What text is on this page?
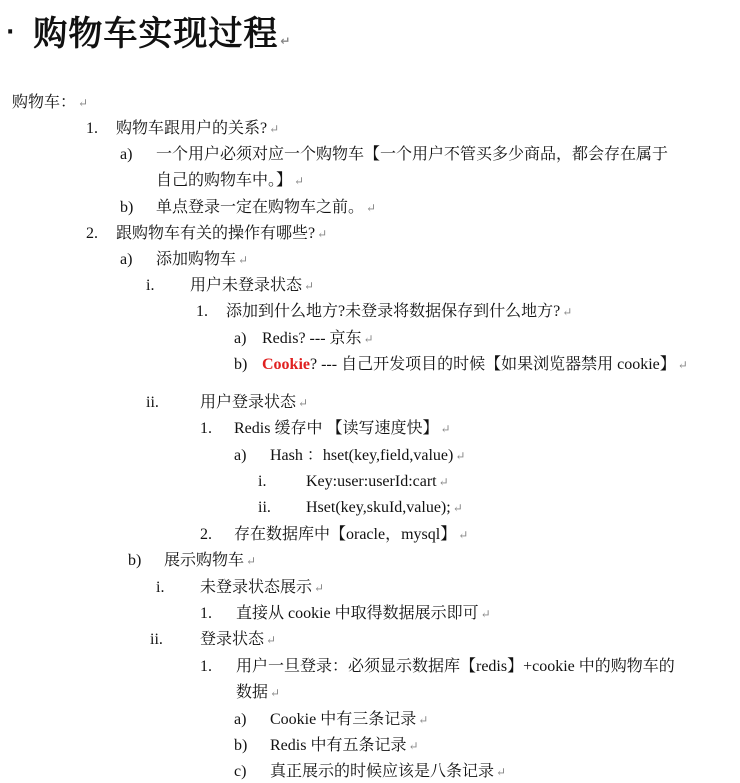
· 购物车实现过程 ↵
购物车： ↵
1.	购物车跟用户的关系? ↵
a)	一个用户必须对应一个购物车【一个用户不管买多少商品，都会存在属于
自己的购物车中。】 ↵
b)	单点登录一定在购物车之前。 ↵
2.	跟购物车有关的操作有哪些? ↵
a)	添加购物车 ↵
i.	用户未登录状态 ↵
1.	添加到什么地方?未登录将数据保存到什么地方? ↵
a) Redis? --- 京东 ↵
b) Cookie? --- 自己开发项目的时候【如果浏览器禁用 cookie】 ↵
ii.	用户登录状态 ↵
1.	Redis 缓存中 【读写速度快】 ↵
a)	Hash ：hset(key,field,value) ↵
i.	Key:user:userId:cart ↵
ii.	Hset(key,skuId,value); ↵
2.	存在数据库中【oracle，mysql】 ↵
b)	展示购物车 ↵
i.	未登录状态展示 ↵
1.	直接从 cookie 中取得数据展示即可 ↵
ii.	登录状态 ↵
1.	用户一旦登录：必须显示数据库【redis】+cookie 中的购物车的
数据 ↵
a)	Cookie 中有三条记录 ↵
b)	Redis 中有五条记录 ↵
c)	真正展示的时候应该是八条记录 ↵
